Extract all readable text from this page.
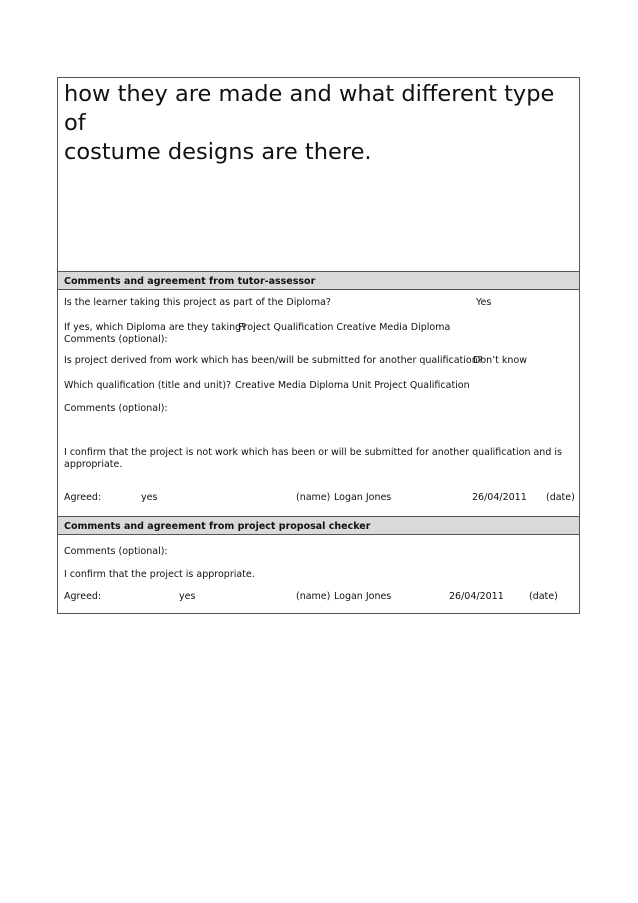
how they are made and what different type of
costume designs are there.
Comments and agreement from tutor-assessor
Is the learner taking this project as part of the Diploma?	Yes
If yes, which Diploma are they taking?
Project Qualification Creative Media Diploma
Comments (optional):
Is project derived from work which has been/will be submitted for another qualification?
Don’t know
Which qualification (title and unit)? Creative Media Diploma Unit Project Qualification
Comments (optional):
I confirm that the project is not work which has been or will be submitted for another qualification and is
appropriate.
Agreed:	yes	(name) Logan Jones	26/04/2011 (date)
Comments and agreement from project proposal checker
Comments (optional):
I confirm that the project is appropriate.
Agreed:	yes	(name) Logan Jones	26/04/2011	(date)
